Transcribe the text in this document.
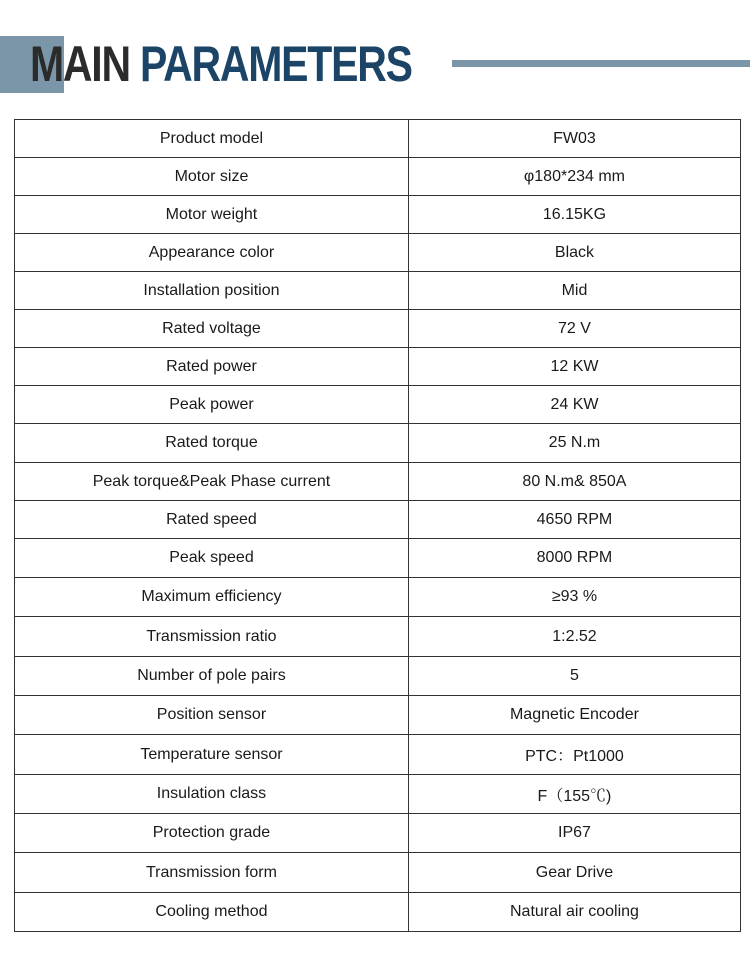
MAIN PARAMETERS
Product model	FW03
Motor size	φ180*234 mm
Motor weight	16.15KG
Appearance color	Black
Installation position	Mid
Rated voltage	72 V
Rated power	12 KW
Peak power	24 KW
Rated torque	25 N.m
Peak torque&Peak Phase current	80 N.m& 850A
Rated speed	4650 RPM
Peak speed	8000 RPM
Maximum efficiency	≥93 %
Transmission ratio	1:2.52
Number of pole pairs	5
Position sensor	Magnetic Encoder
Temperature sensor	PTC：Pt1000
Insulation class	F（155℃)
Protection grade	IP67
Transmission form	Gear Drive
Cooling method	Natural air cooling
